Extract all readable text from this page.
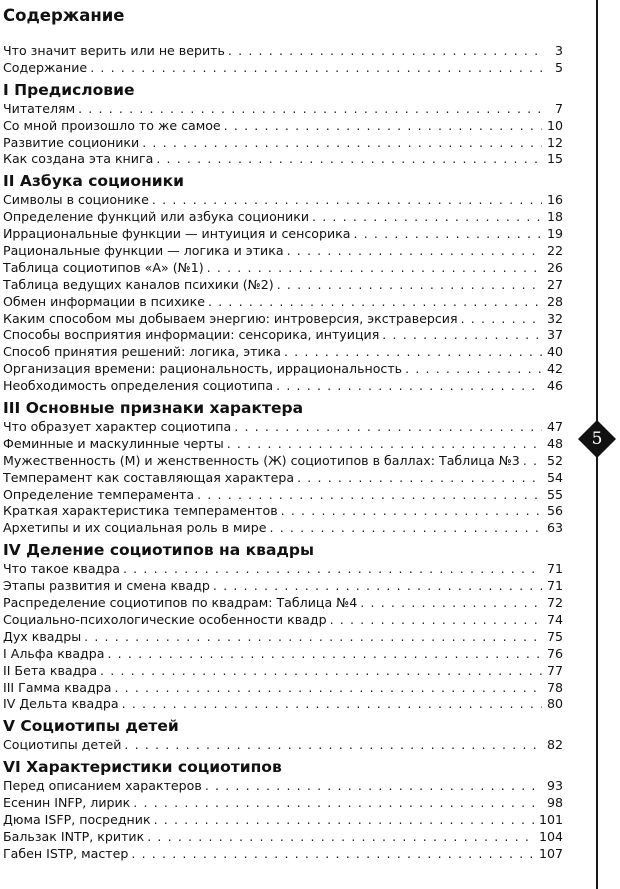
Содержание
Что значит верить или не верить . . .	3
Содержание . . .	5
I Предисловие
Читателям . . .	7
Со мной произошло то же самое . . .	10
Развитие соционики . . .	12
Как создана эта книга . . .	15
II Азбука соционики
Символы в соционике . . .	16
Определение функций или азбука соционики . . .	18
Иррациональные функции — интуиция и сенсорика . . .	19
Рациональные функции — логика и этика . . .	22
Таблица социотипов «А» (№1) . . .	26
Таблица ведущих каналов психики (№2) . . .	27
Обмен информации в психике . . .	28
Каким способом мы добываем энергию: интроверсия, экстраверсия . . .	32
Способы восприятия информации: сенсорика, интуиция . . .	37
Способ принятия решений: логика, этика . . .	40
Организация времени: рациональность, иррациональность . . .	42
Необходимость определения социотипа . . .	46
III Основные признаки характера
Что образует характер социотипа . . .	47
Феминные и маскулинные черты . . .	48
Мужественность (М) и женственность (Ж) социотипов в баллах: Таблица №3 . . . 52
Темперамент как составляющая характера . . .	54
Определение темперамента . . .	55
Краткая характеристика темпераментов . . .	56
Архетипы и их социальная роль в мире . . .	63
IV Деление социотипов на квадры
Что такое квадра . . .	71
Этапы развития и смена квадр . . .	71
Распределение социотипов по квадрам: Таблица №4 . . .	72
Социально-психологические особенности квадр . . .	74
Дух квадры . . .	75
I Альфа квадра . . .	76
II Бета квадра . . .	77
III Гамма квадра . . .	78
IV Дельта квадра . . .	80
V Социотипы детей
Социотипы детей . . .	82
VI Характеристики социотипов
Перед описанием характеров . . .	93
Есенин INFP, лирик . . .	98
Дюма ISFP, посредник . . .	101
Бальзак INTP, критик . . .	104
Габен ISTP, мастер . . .	107
5
